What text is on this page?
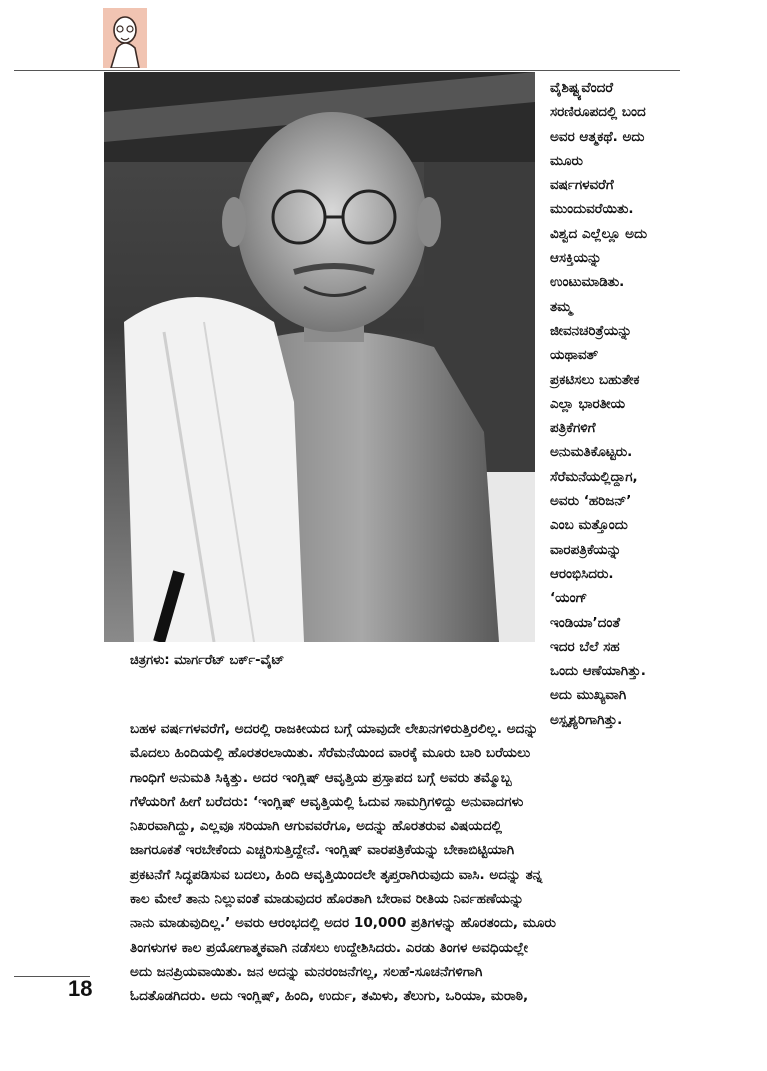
ಚಿತ್ರಗಳು: ಮಾರ್ಗರೆಟ್ ಬರ್ಕ್-ವೈಟ್
ವೈಶಿಷ್ಟ್ಯವೆಂದರೆ
ಸರಣಿರೂಪದಲ್ಲಿ ಬಂದ
ಅವರ ಆತ್ಮಕಥೆ. ಅದು
ಮೂರು
ವರ್ಷಗಳವರೆಗೆ
ಮುಂದುವರೆಯಿತು.
ವಿಶ್ವದ ಎಲ್ಲೆಲ್ಲೂ ಅದು
ಆಸಕ್ತಿಯನ್ನು
ಉಂಟುಮಾಡಿತು.
ತಮ್ಮ
ಜೀವನಚರಿತ್ರೆಯನ್ನು
ಯಥಾವತ್
ಪ್ರಕಟಿಸಲು ಬಹುತೇಕ
ಎಲ್ಲಾ ಭಾರತೀಯ
ಪತ್ರಿಕೆಗಳಿಗೆ
ಅನುಮತಿಕೊಟ್ಟರು.
ಸೆರೆಮನೆಯಲ್ಲಿದ್ದಾಗ,
ಅವರು ‘ಹರಿಜನ್’
ಎಂಬ ಮತ್ತೊಂದು
ವಾರಪತ್ರಿಕೆಯನ್ನು
ಆರಂಭಿಸಿದರು.
‘ಯಂಗ್
ಇಂಡಿಯಾ’ದಂತೆ
ಇದರ ಬೆಲೆ ಸಹ
ಒಂದು ಆಣೆಯಾಗಿತ್ತು.
ಅದು ಮುಖ್ಯವಾಗಿ
ಅಸ್ಪೃಶ್ಯರಿಗಾಗಿತ್ತು.
ಬಹಳ ವರ್ಷಗಳವರೆಗೆ, ಅದರಲ್ಲಿ ರಾಜಕೀಯದ ಬಗ್ಗೆ ಯಾವುದೇ ಲೇಖನಗಳಿರುತ್ತಿರಲಿಲ್ಲ. ಅದನ್ನು
ಮೊದಲು ಹಿಂದಿಯಲ್ಲಿ ಹೊರತರಲಾಯಿತು. ಸೆರೆಮನೆಯಿಂದ ವಾರಕ್ಕೆ ಮೂರು ಬಾರಿ ಬರೆಯಲು
ಗಾಂಧಿಗೆ ಅನುಮತಿ ಸಿಕ್ಕಿತ್ತು. ಅದರ ಇಂಗ್ಲಿಷ್ ಆವೃತ್ತಿಯ ಪ್ರಸ್ತಾಪದ ಬಗ್ಗೆ ಅವರು ತಮ್ಮೊಬ್ಬ
ಗೆಳೆಯರಿಗೆ ಹೀಗೆ ಬರೆದರು: ‘ಇಂಗ್ಲಿಷ್ ಆವೃತ್ತಿಯಲ್ಲಿ ಓದುವ ಸಾಮಗ್ರಿಗಳಿದ್ದು ಅನುವಾದಗಳು
ನಿಖರವಾಗಿದ್ದು, ಎಲ್ಲವೂ ಸರಿಯಾಗಿ ಆಗುವವರೆಗೂ, ಅದನ್ನು ಹೊರತರುವ ವಿಷಯದಲ್ಲಿ
ಜಾಗರೂಕತೆ ಇರಬೇಕೆಂದು ಎಚ್ಚರಿಸುತ್ತಿದ್ದೇನೆ. ಇಂಗ್ಲಿಷ್ ವಾರಪತ್ರಿಕೆಯನ್ನು ಬೇಕಾಬಿಟ್ಟಿಯಾಗಿ
ಪ್ರಕಟನೆಗೆ ಸಿದ್ಧಪಡಿಸುವ ಬದಲು, ಹಿಂದಿ ಆವೃತ್ತಿಯಿಂದಲೇ ತೃಪ್ತರಾಗಿರುವುದು ವಾಸಿ. ಅದನ್ನು ತನ್ನ
ಕಾಲ ಮೇಲೆ ತಾನು ನಿಲ್ಲುವಂತೆ ಮಾಡುವುದರ ಹೊರತಾಗಿ ಬೇರಾವ ರೀತಿಯ ನಿರ್ವಹಣೆಯನ್ನು
ನಾನು ಮಾಡುವುದಿಲ್ಲ.’ ಅವರು ಆರಂಭದಲ್ಲಿ ಅದರ 10,000 ಪ್ರತಿಗಳನ್ನು ಹೊರತಂದು, ಮೂರು
ತಿಂಗಳುಗಳ ಕಾಲ ಪ್ರಯೋಗಾತ್ಮಕವಾಗಿ ನಡೆಸಲು ಉದ್ದೇಶಿಸಿದರು. ಎರಡು ತಿಂಗಳ ಅವಧಿಯಲ್ಲೇ
ಅದು ಜನಪ್ರಿಯವಾಯಿತು. ಜನ ಅದನ್ನು ಮನರಂಜನೆಗಲ್ಲ, ಸಲಹೆ-ಸೂಚನೆಗಳಿಗಾಗಿ
ಓದತೊಡಗಿದರು. ಅದು ಇಂಗ್ಲಿಷ್, ಹಿಂದಿ, ಉರ್ದು, ತಮಿಳು, ತೆಲುಗು, ಒರಿಯಾ, ಮರಾಠಿ,
18
